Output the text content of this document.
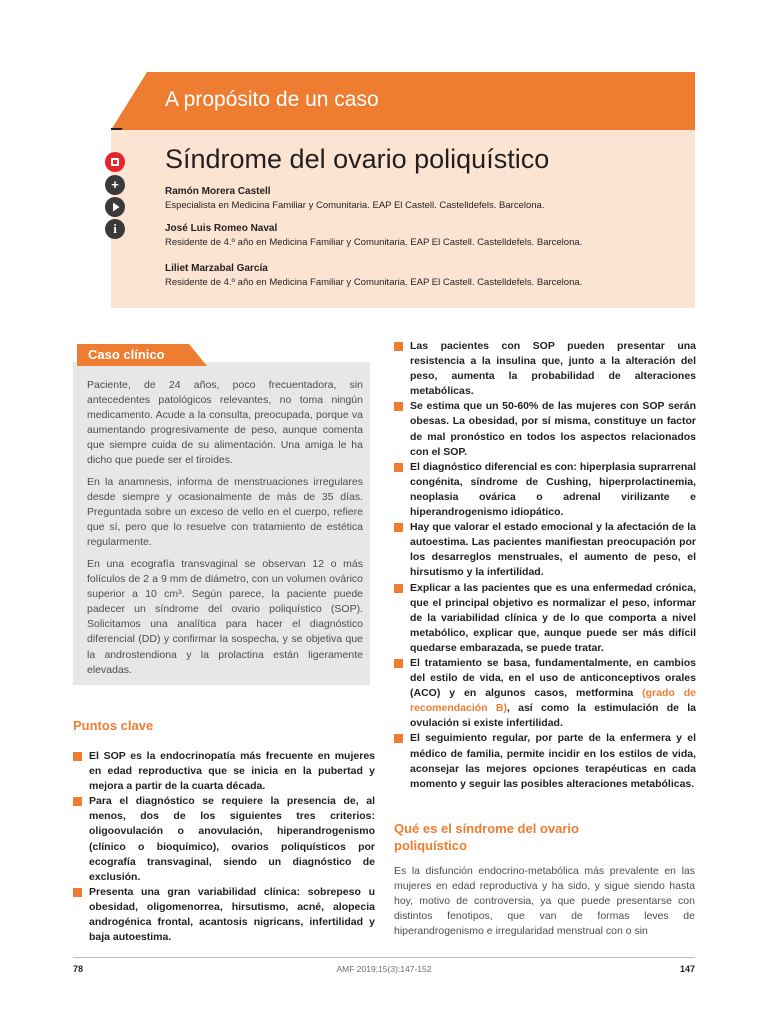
A propósito de un caso
Síndrome del ovario poliquístico
+
i
Ramón Morera Castell
Especialista en Medicina Familiar y Comunitaria. EAP El Castell. Castelldefels. Barcelona.
José Luis Romeo Naval
Residente de 4.º año en Medicina Familiar y Comunitaria. EAP El Castell. Castelldefels. Barcelona.
Liliet Marzabal García
Residente de 4.º año en Medicina Familiar y Comunitaria. EAP El Castell. Castelldefels. Barcelona.
Caso clínico

Paciente, de 24 años, poco frecuentadora, sin antecedentes patológicos relevantes, no toma ningún medicamento. Acude a la consulta, preocupada, porque va aumentando progresivamente de peso, aunque comenta que siempre cuida de su alimentación. Una amiga le ha dicho que puede ser el tiroides.

En la anamnesis, informa de menstruaciones irregulares desde siempre y ocasionalmente de más de 35 días. Preguntada sobre un exceso de vello en el cuerpo, refiere que sí, pero que lo resuelve con tratamiento de estética regularmente.

En una ecografía transvaginal se observan 12 o más folículos de 2 a 9 mm de diámetro, con un volumen ovárico superior a 10 cm³. Según parece, la paciente puede padecer un síndrome del ovario poliquístico (SOP). Solicitamos una analítica para hacer el diagnóstico diferencial (DD) y confirmar la sospecha, y se objetiva que la androstendiona y la prolactina están ligeramente elevadas.

Puntos clave
El SOP es la endocrinopatía más frecuente en mujeres en edad reproductiva que se inicia en la pubertad y mejora a partir de la cuarta década.
Para el diagnóstico se requiere la presencia de, al menos, dos de los siguientes tres criterios: oligoovulación o anovulación, hiperandrogenismo (clínico o bioquímico), ovarios poliquísticos por ecografía transvaginal, siendo un diagnóstico de exclusión.
Presenta una gran variabilidad clínica: sobrepeso u obesidad, oligomenorrea, hirsutismo, acné, alopecia androgénica frontal, acantosis nigricans, infertilidad y baja autoestima.
Las pacientes con SOP pueden presentar una resistencia a la insulina que, junto a la alteración del peso, aumenta la probabilidad de alteraciones metabólicas.
Se estima que un 50-60% de las mujeres con SOP serán obesas. La obesidad, por sí misma, constituye un factor de mal pronóstico en todos los aspectos relacionados con el SOP.
El diagnóstico diferencial es con: hiperplasia suprarrenal congénita, síndrome de Cushing, hiperprolactinemia, neoplasia ovárica o adrenal virilizante e hiperandrogenismo idiopático.
Hay que valorar el estado emocional y la afectación de la autoestima. Las pacientes manifiestan preocupación por los desarreglos menstruales, el aumento de peso, el hirsutismo y la infertilidad.
Explicar a las pacientes que es una enfermedad crónica, que el principal objetivo es normalizar el peso, informar de la variabilidad clínica y de lo que comporta a nivel metabólico, explicar que, aunque puede ser más difícil quedarse embarazada, se puede tratar.
El tratamiento se basa, fundamentalmente, en cambios del estilo de vida, en el uso de anticonceptivos orales (ACO) y en algunos casos, metformina (grado de recomendación B), así como la estimulación de la ovulación si existe infertilidad.
El seguimiento regular, por parte de la enfermera y el médico de familia, permite incidir en los estilos de vida, aconsejar las mejores opciones terapéuticas en cada momento y seguir las posibles alteraciones metabólicas.
Qué es el síndrome del ovario poliquístico

Es la disfunción endocrino-metabólica más prevalente en las mujeres en edad reproductiva y ha sido, y sigue siendo hasta hoy, motivo de controversia, ya que puede presentarse con distintos fenotipos, que van de formas leves de hiperandrogenismo e irregularidad menstrual con o sin

78	AMF 2019;15(3):147-152	147
